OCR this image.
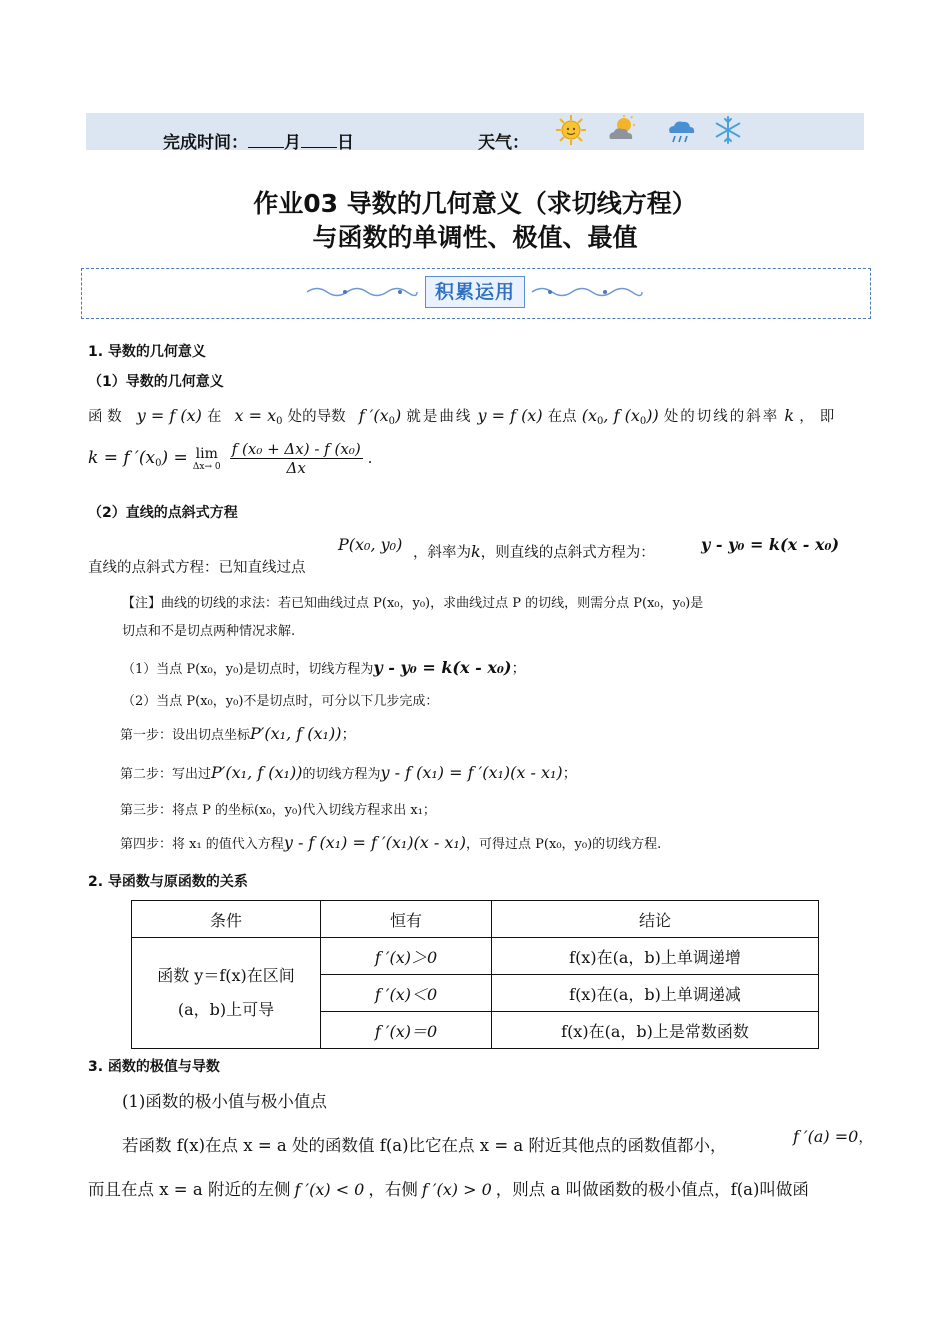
完成时间： 月 日	天气：
作业03 导数的几何意义（求切线方程）
与函数的单调性、极值、最值
积累运用
1. 导数的几何意义
（1）导数的几何意义
函 数 y = f (x) 在 $x = x_0$ 处的导数 f $'(x_0)$ 就是曲线 y = f (x) 在点 ($x_0$, f $(x_0)$) 处的切线的斜率 k ，即
k = f $'(x_0) = \lim$
Δx→ 0
$\frac{\text{f (x₀ + Δx) - f (x₀)}}{\Delta x}$ .
（2）直线的点斜式方程
P(x₀, y₀)
直线的点斜式方程：已知直线过点
，斜率为k，则直线的点斜式方程为：	y - y₀ = k(x - x₀)
【注】曲线的切线的求法：若已知曲线过点 P(x₀，y₀)，求曲线过点 P 的切线，则需分点 P(x₀，y₀)是
切点和不是切点两种情况求解.
（1）当点 P(x₀，y₀)是切点时，切线方程为y - y₀ = k(x - x₀)；
（2）当点 P(x₀，y₀)不是切点时，可分以下几步完成：
第一步：设出切点坐标P′(x₁, f (x₁))；
第二步：写出过P′(x₁, f (x₁))的切线方程为y - f (x₁) = f ′(x₁)(x - x₁)；
第三步：将点 P 的坐标(x₀，y₀)代入切线方程求出 x₁；
第四步：将 x₁ 的值代入方程y - f (x₁) = f ′(x₁)(x - x₁)，可得过点 P(x₀，y₀)的切线方程.
2. 导函数与原函数的关系
条件	恒有	结论

函数 y＝f(x)在区间
(a，b)上可导	f ′(x)＞0	f(x)在(a，b)上单调递增
	f ′(x)＜0	f(x)在(a，b)上单调递减
	f ′(x)＝0	f(x)在(a，b)上是常数函数
3. 函数的极值与导数
(1)函数的极小值与极小值点
若函数 f(x)在点 x = a 处的函数值 f(a)比它在点 x = a 附近其他点的函数值都小，	f ′(a) =0，
而且在点 x = a 附近的左侧 f ′(x) < 0 ，右侧 f ′(x) > 0 ，则点 a 叫做函数的极小值点，f(a)叫做函
